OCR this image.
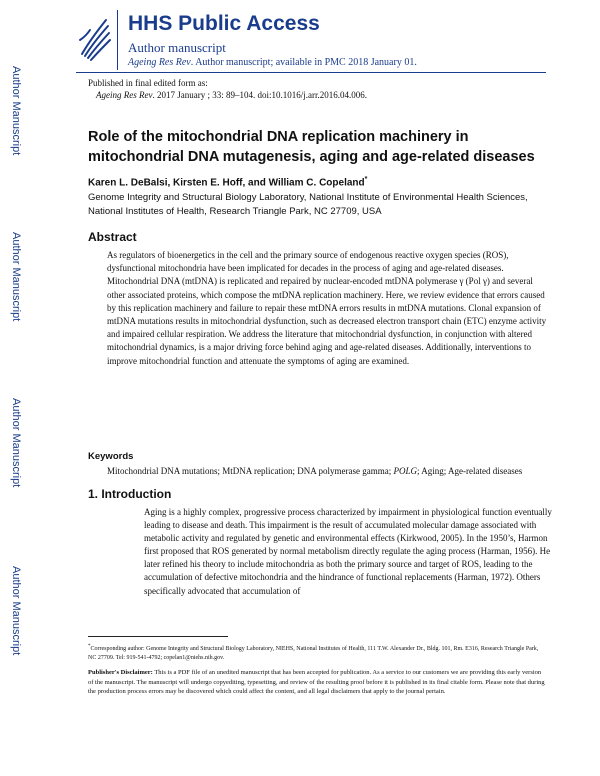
HHS Public Access
Author manuscript
Ageing Res Rev. Author manuscript; available in PMC 2018 January 01.
Published in final edited form as:
Ageing Res Rev. 2017 January ; 33: 89–104. doi:10.1016/j.arr.2016.04.006.
Author Manuscript
Author Manuscript
Author Manuscript
Author Manuscript
Role of the mitochondrial DNA replication machinery in mitochondrial DNA mutagenesis, aging and age-related diseases
Karen L. DeBalsi, Kirsten E. Hoff, and William C. Copeland*
Genome Integrity and Structural Biology Laboratory, National Institute of Environmental Health Sciences, National Institutes of Health, Research Triangle Park, NC 27709, USA
Abstract
As regulators of bioenergetics in the cell and the primary source of endogenous reactive oxygen species (ROS), dysfunctional mitochondria have been implicated for decades in the process of aging and age-related diseases. Mitochondrial DNA (mtDNA) is replicated and repaired by nuclear-encoded mtDNA polymerase γ (Pol γ) and several other associated proteins, which compose the mtDNA replication machinery. Here, we review evidence that errors caused by this replication machinery and failure to repair these mtDNA errors results in mtDNA mutations. Clonal expansion of mtDNA mutations results in mitochondrial dysfunction, such as decreased electron transport chain (ETC) enzyme activity and impaired cellular respiration. We address the literature that mitochondrial dysfunction, in conjunction with altered mitochondrial dynamics, is a major driving force behind aging and age-related diseases. Additionally, interventions to improve mitochondrial function and attenuate the symptoms of aging are examined.
Keywords
Mitochondrial DNA mutations; MtDNA replication; DNA polymerase gamma; POLG; Aging; Age-related diseases
1. Introduction
Aging is a highly complex, progressive process characterized by impairment in physiological function eventually leading to disease and death. This impairment is the result of accumulated molecular damage associated with metabolic activity and regulated by genetic and environmental effects (Kirkwood, 2005). In the 1950’s, Harmon first proposed that ROS generated by normal metabolism directly regulate the aging process (Harman, 1956). He later refined his theory to include mitochondria as both the primary source and target of ROS, leading to the accumulation of defective mitochondria and the hindrance of functional replacements (Harman, 1972). Others specifically advocated that accumulation of
*Corresponding author: Genome Integrity and Structural Biology Laboratory, NIEHS, National Institutes of Health, 111 T.W. Alexander Dr., Bldg. 101, Rm. E316, Research Triangle Park, NC 27709. Tel: 919-541-4792; copelan1@niehs.nih.gov.
Publisher's Disclaimer: This is a PDF file of an unedited manuscript that has been accepted for publication. As a service to our customers we are providing this early version of the manuscript. The manuscript will undergo copyediting, typesetting, and review of the resulting proof before it is published in its final citable form. Please note that during the production process errors may be discovered which could affect the content, and all legal disclaimers that apply to the journal pertain.
